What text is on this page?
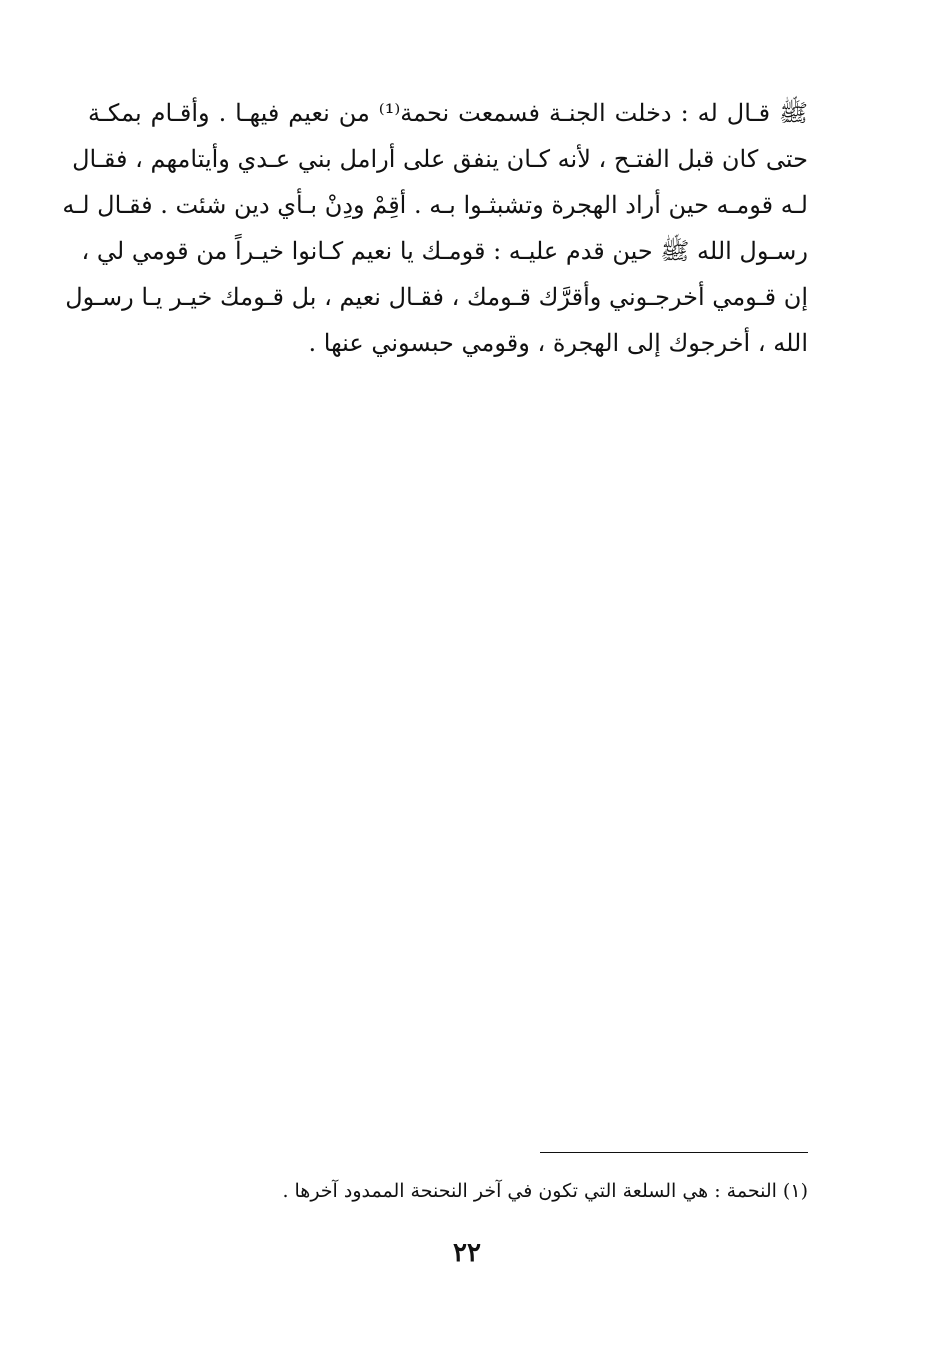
ﷺ قـال له : دخلت الجنـة فسمعت نحمة⁽¹⁾ من نعيم فيهـا . وأقـام بمكـة
حتى كان قبل الفتـح ، لأنه كـان ينفق على أرامل بني عـدي وأيتامهم ، فقـال
لـه قومـه حين أراد الهجرة وتشبثـوا بـه . أقِمْ ودِنْ بـأي دين شئت . فقـال لـه
رسـول الله ﷺ حين قدم عليـه : قومـك يا نعيم كـانوا خيـراً من قومي لي ،
إن قـومي أخرجـوني وأقرَّك قـومك ، فقـال نعيم ، بل قـومك خيـر يـا رسـول
الله ، أخرجوك إلى الهجرة ، وقومي حبسوني عنها .
(١) النحمة : هي السلعة التي تكون في آخر النحنحة الممدود آخرها .
٢٢
